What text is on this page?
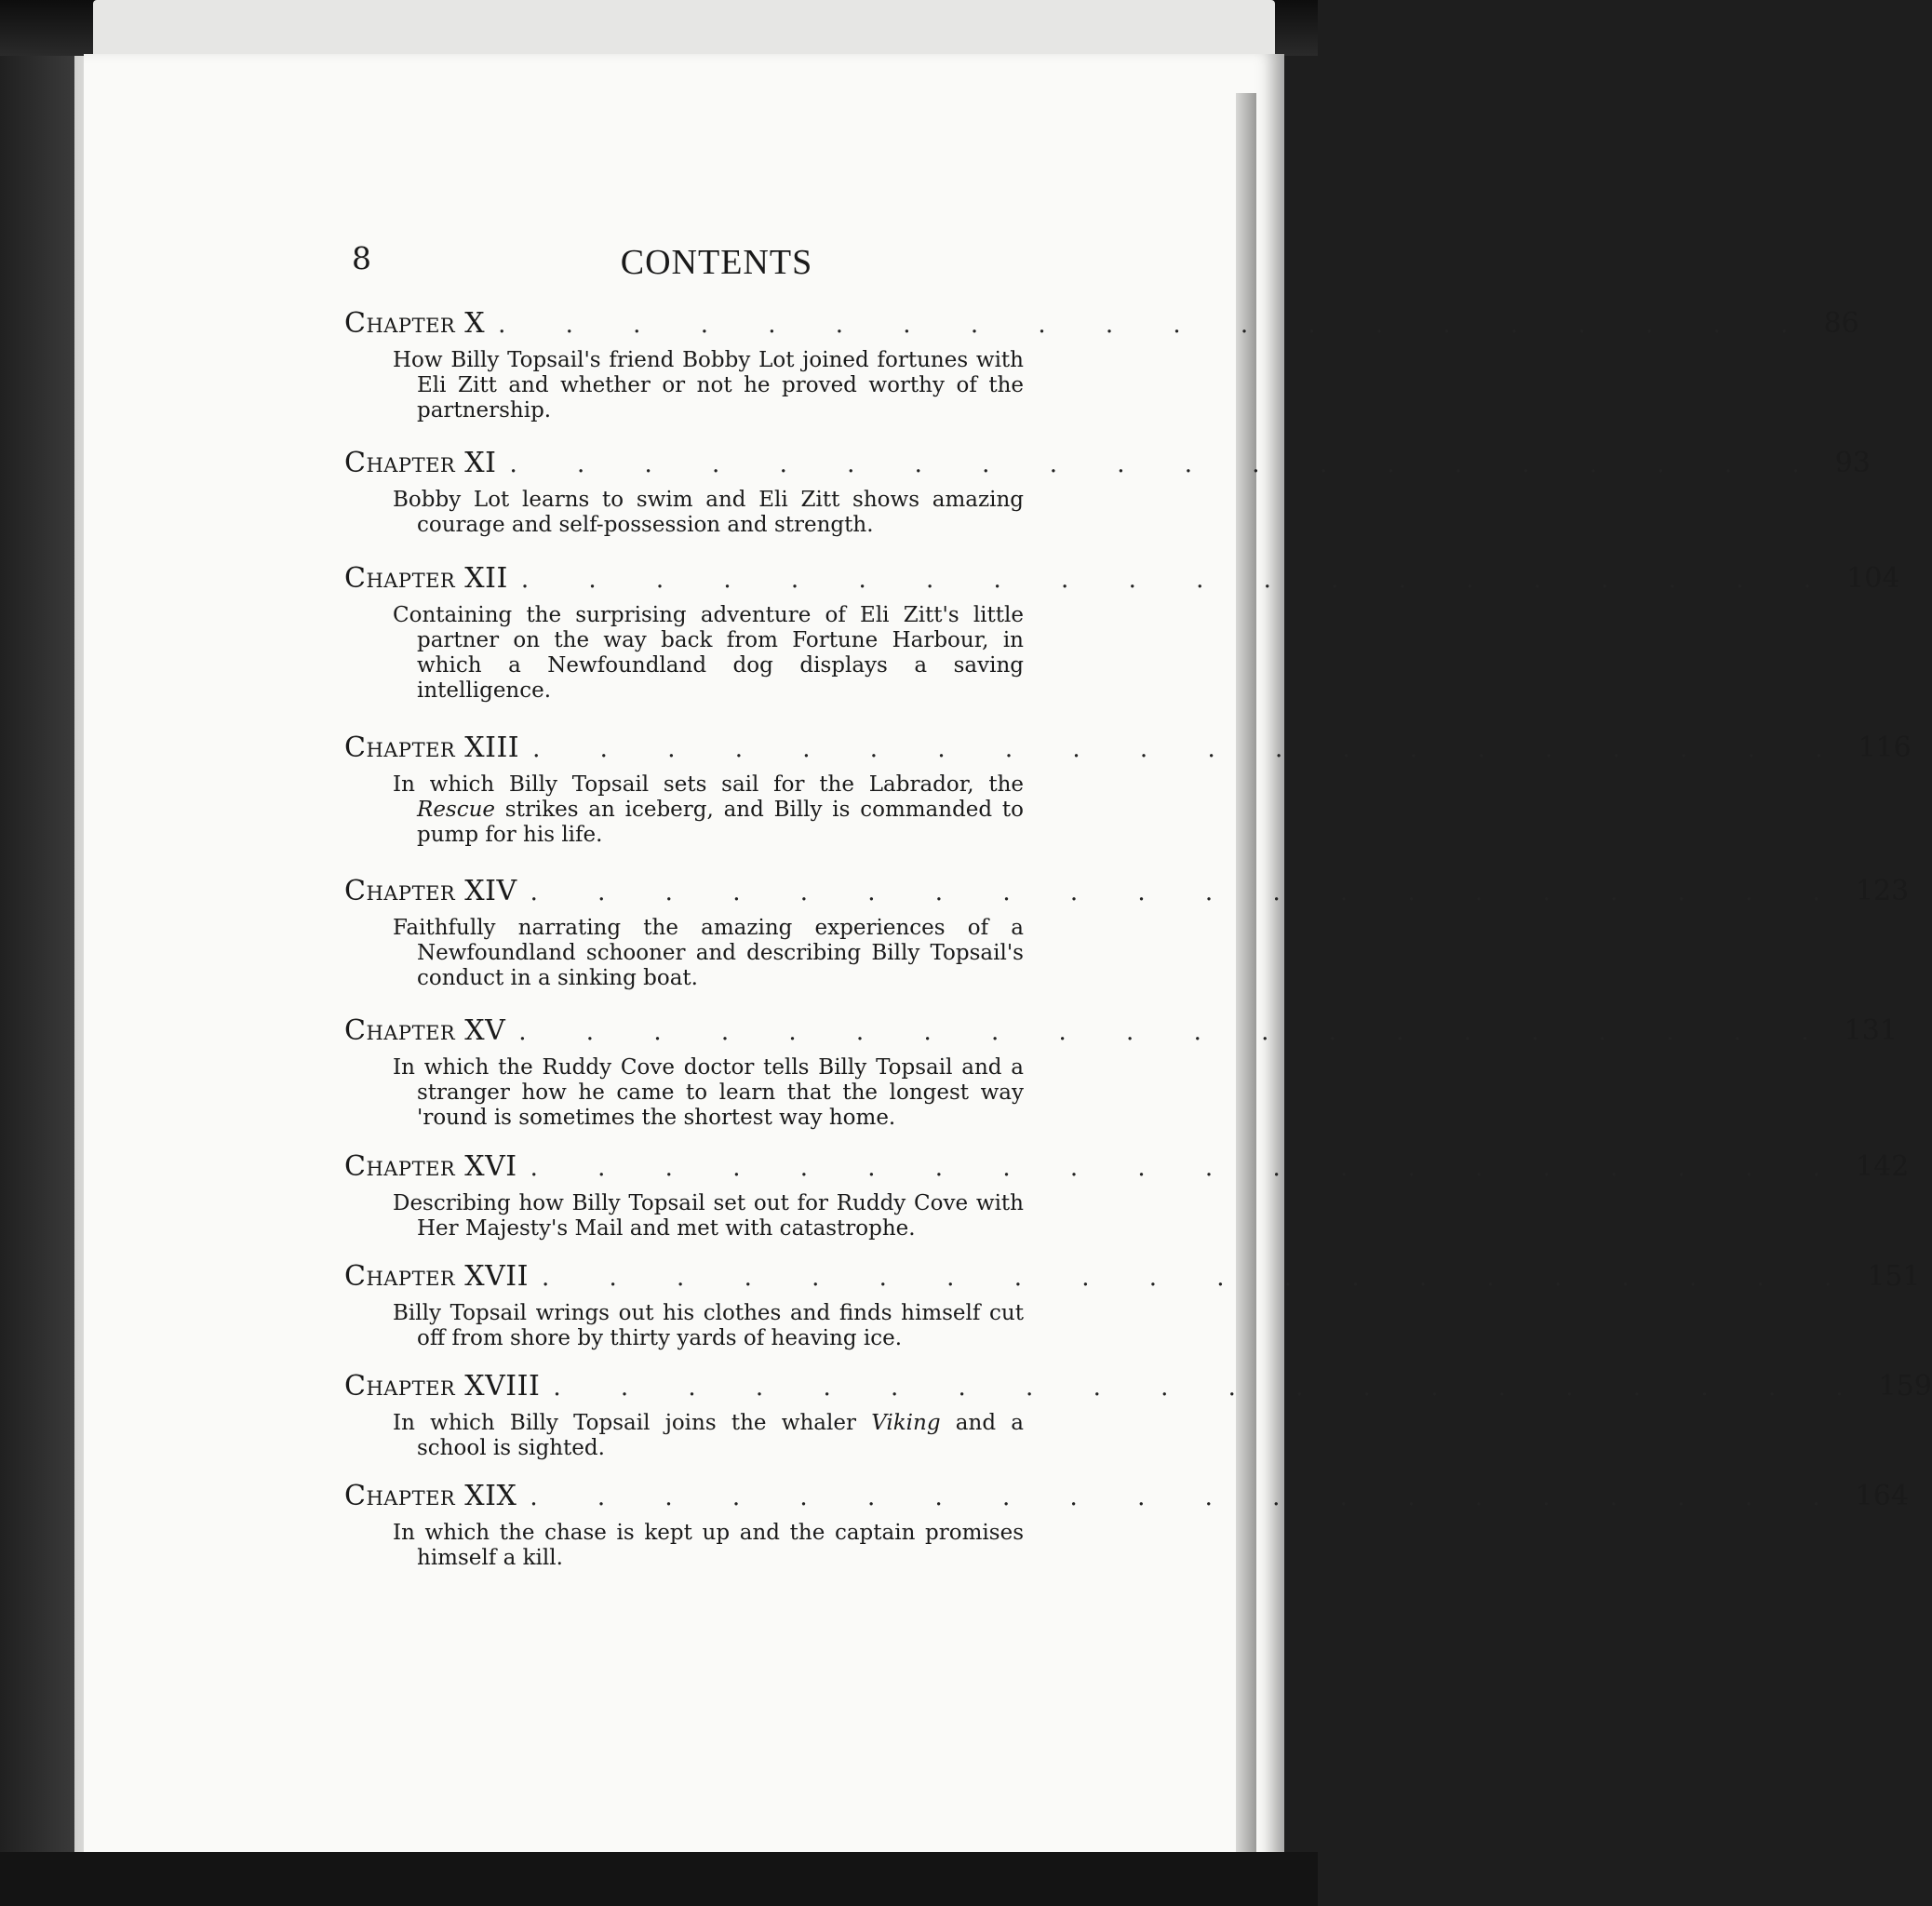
8	CONTENTS
Chapter X . . . . . . . . . . . . . . . . . . . . 86

How Billy Topsail's friend Bobby Lot joined fortunes with Eli Zitt and whether or not he proved worthy of the partnership.

Chapter XI . . . . . . . . . . . . . . . . . . . . 93

Bobby Lot learns to swim and Eli Zitt shows amazing courage and self-possession and strength.

Chapter XII . . . . . . . . . . . . . . . . . . . . 104

Containing the surprising adventure of Eli Zitt's little partner on the way back from Fortune Harbour, in which a Newfoundland dog displays a saving intelligence.

Chapter XIII . . . . . . . . . . . . . . . . . . . . 116

In which Billy Topsail sets sail for the Labrador, the Rescue strikes an iceberg, and Billy is commanded to pump for his life.

Chapter XIV . . . . . . . . . . . . . . . . . . . . 123

Faithfully narrating the amazing experiences of a Newfoundland schooner and describing Billy Topsail's conduct in a sinking boat.

Chapter XV . . . . . . . . . . . . . . . . . . . . 131

In which the Ruddy Cove doctor tells Billy Topsail and a stranger how he came to learn that the longest way 'round is sometimes the shortest way home.

Chapter XVI . . . . . . . . . . . . . . . . . . . . 142

Describing how Billy Topsail set out for Ruddy Cove with Her Majesty's Mail and met with catastrophe.

Chapter XVII . . . . . . . . . . . . . . . . . . . . 151

Billy Topsail wrings out his clothes and finds himself cut off from shore by thirty yards of heaving ice.

Chapter XVIII . . . . . . . . . . . . . . . . . . . . 159

In which Billy Topsail joins the whaler Viking and a school is sighted.

Chapter XIX . . . . . . . . . . . . . . . . . . . . 164

In which the chase is kept up and the captain promises himself a kill.
